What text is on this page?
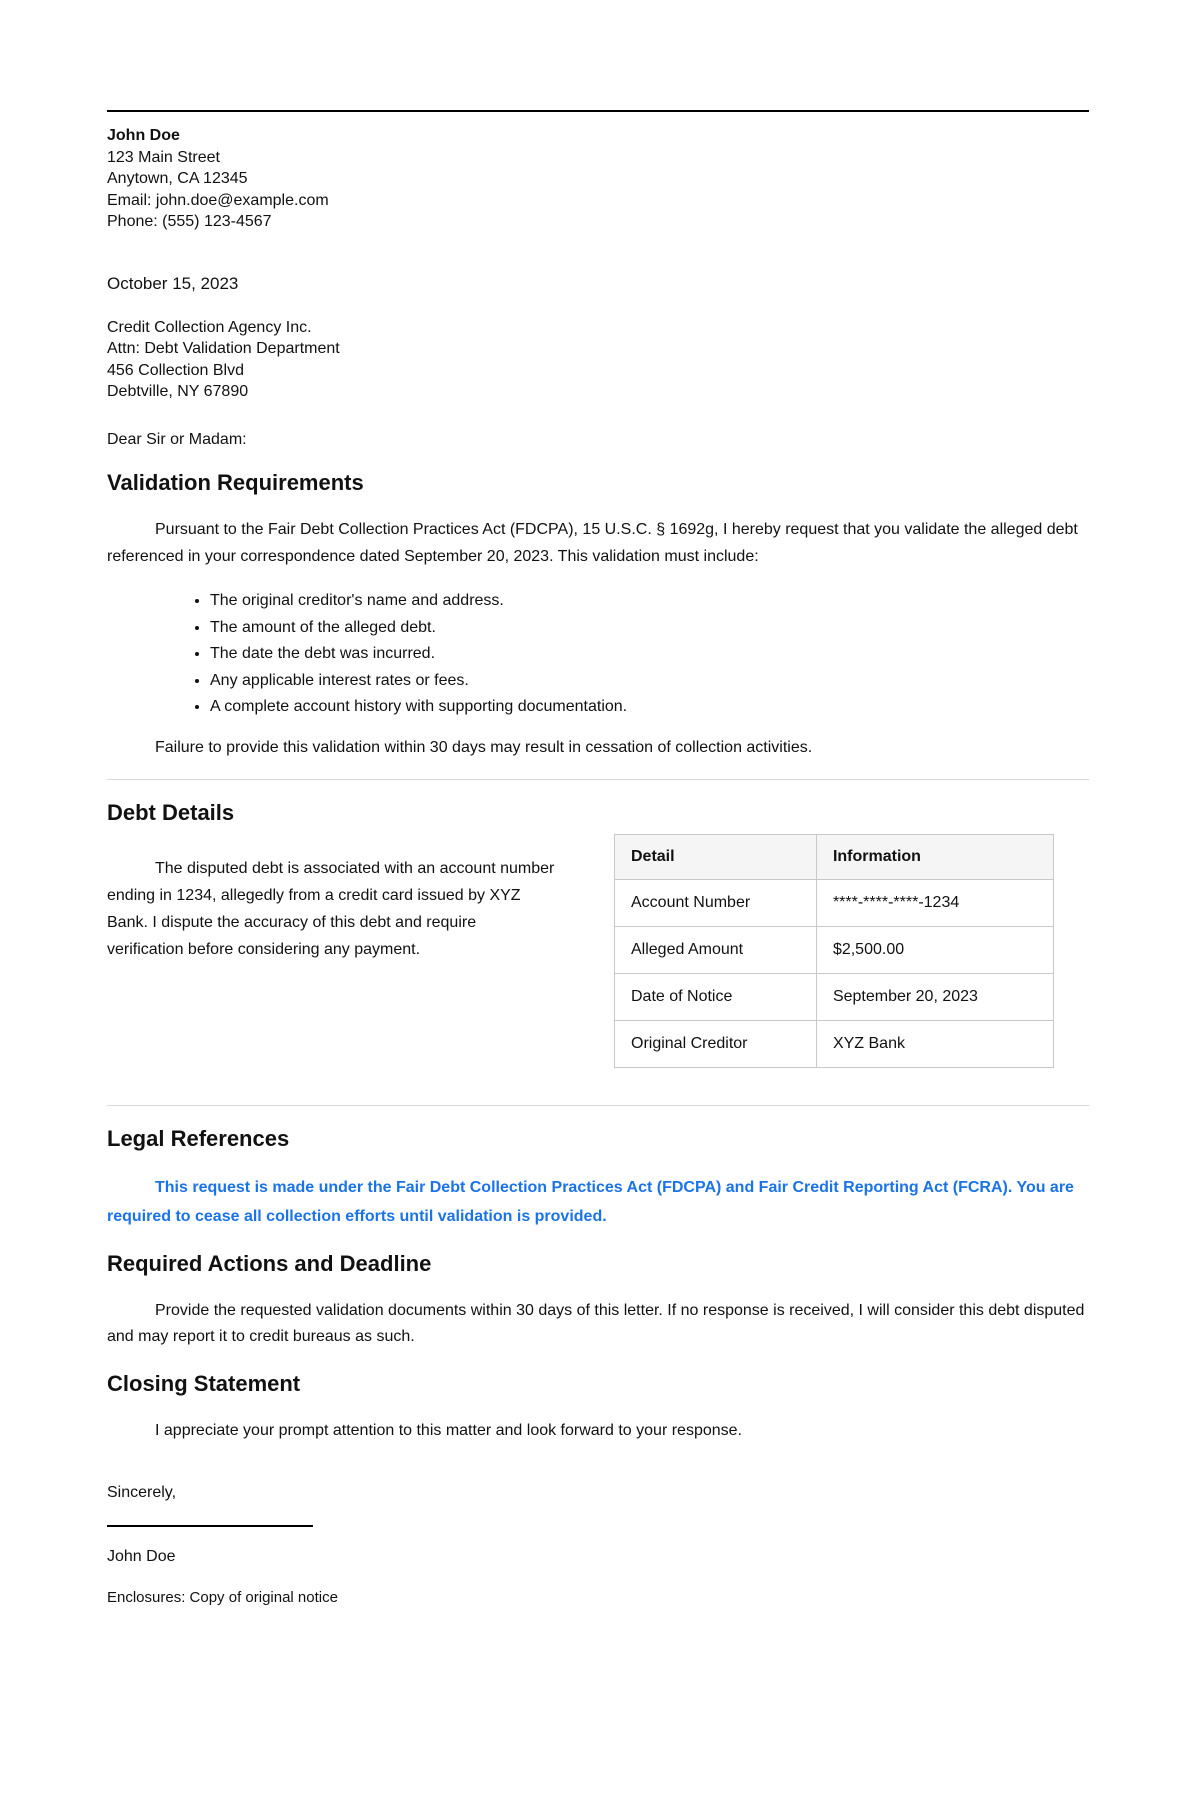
John Doe

123 Main Street

Anytown, CA 12345

Email: john.doe@example.com

Phone: (555) 123-4567

October 15, 2023

Credit Collection Agency Inc.

Attn: Debt Validation Department

456 Collection Blvd

Debtville, NY 67890

Dear Sir or Madam:

Validation Requirements

Pursuant to the Fair Debt Collection Practices Act (FDCPA), 15 U.S.C. § 1692g, I hereby request that you validate the alleged debt referenced in your correspondence dated September 20, 2023. This validation must include:

• The original creditor's name and address.
• The amount of the alleged debt.
• The date the debt was incurred.
• Any applicable interest rates or fees.
• A complete account history with supporting documentation.

Failure to provide this validation within 30 days may result in cessation of collection activities.

Debt Details

The disputed debt is associated with an account number ending in 1234, allegedly from a credit card issued by XYZ Bank. I dispute the accuracy of this debt and require verification before considering any payment.

Detail	Information
Account Number	****-****-****-1234
Alleged Amount	$2,500.00
Date of Notice	September 20, 2023
Original Creditor	XYZ Bank
Legal References

This request is made under the Fair Debt Collection Practices Act (FDCPA) and Fair Credit Reporting Act (FCRA). You are required to cease all collection efforts until validation is provided.

Required Actions and Deadline

Provide the requested validation documents within 30 days of this letter. If no response is received, I will consider this debt disputed and may report it to credit bureaus as such.

Closing Statement

I appreciate your prompt attention to this matter and look forward to your response.

Sincerely,

John Doe

Enclosures: Copy of original notice
